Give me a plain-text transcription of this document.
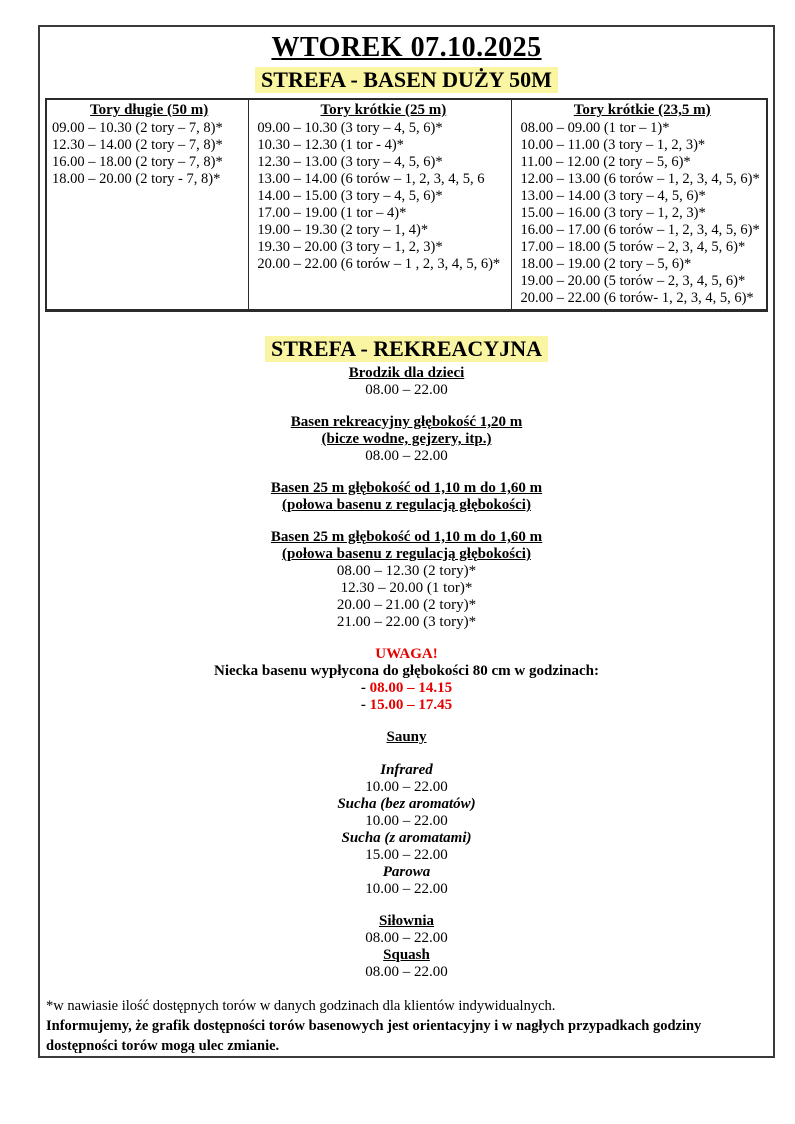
WTOREK 07.10.2025
STREFA - BASEN DUŻY 50M
Tory długie (50 m)
09.00 – 10.30 (2 tory – 7, 8)*
12.30 – 14.00 (2 tory – 7, 8)*
16.00 – 18.00 (2 tory – 7, 8)*
18.00 – 20.00 (2 tory - 7, 8)*
Tory krótkie (25 m)
09.00 – 10.30 (3 tory – 4, 5, 6)*
10.30 – 12.30 (1 tor - 4)*
12.30 – 13.00 (3 tory – 4, 5, 6)*
13.00 – 14.00 (6 torów – 1, 2, 3, 4, 5, 6
14.00 – 15.00 (3 tory – 4, 5, 6)*
17.00 – 19.00 (1 tor – 4)*
19.00 – 19.30 (2 tory – 1, 4)*
19.30 – 20.00 (3 tory – 1, 2, 3)*
20.00 – 22.00 (6 torów – 1 , 2, 3, 4, 5, 6)*
Tory krótkie (23,5 m)
08.00 – 09.00 (1 tor – 1)*
10.00 – 11.00 (3 tory – 1, 2, 3)*
11.00 – 12.00 (2 tory – 5, 6)*
12.00 – 13.00 (6 torów – 1, 2, 3, 4, 5, 6)*
13.00 – 14.00 (3 tory – 4, 5, 6)*
15.00 – 16.00 (3 tory – 1, 2, 3)*
16.00 – 17.00 (6 torów – 1, 2, 3, 4, 5, 6)*
17.00 – 18.00 (5 torów – 2, 3, 4, 5, 6)*
18.00 – 19.00 (2 tory – 5, 6)*
19.00 – 20.00 (5 torów – 2, 3, 4, 5, 6)*
20.00 – 22.00 (6 torów- 1, 2, 3, 4, 5, 6)*
STREFA - REKREACYJNA
Brodzik dla dzieci
08.00 – 22.00
Basen rekreacyjny głębokość 1,20 m
(bicze wodne, gejzery, itp.)
08.00 – 22.00
Basen 25 m głębokość od 1,10 m do 1,60 m
(połowa basenu z regulacją głębokości)
Basen 25 m głębokość od 1,10 m do 1,60 m
(połowa basenu z regulacją głębokości)
08.00 – 12.30 (2 tory)*
12.30 – 20.00 (1 tor)*
20.00 – 21.00 (2 tory)*
21.00 – 22.00 (3 tory)*
UWAGA!
Niecka basenu wypłycona do głębokości 80 cm w godzinach:
- 08.00 – 14.15
- 15.00 – 17.45
Sauny
Infrared
10.00 – 22.00
Sucha (bez aromatów)
10.00 – 22.00
Sucha (z aromatami)
15.00 – 22.00
Parowa
10.00 – 22.00
Siłownia
08.00 – 22.00
Squash
08.00 – 22.00
*w nawiasie ilość dostępnych torów w danych godzinach dla klientów indywidualnych.
Informujemy, że grafik dostępności torów basenowych jest orientacyjny i w nagłych przypadkach godziny dostępności torów mogą ulec zmianie.
